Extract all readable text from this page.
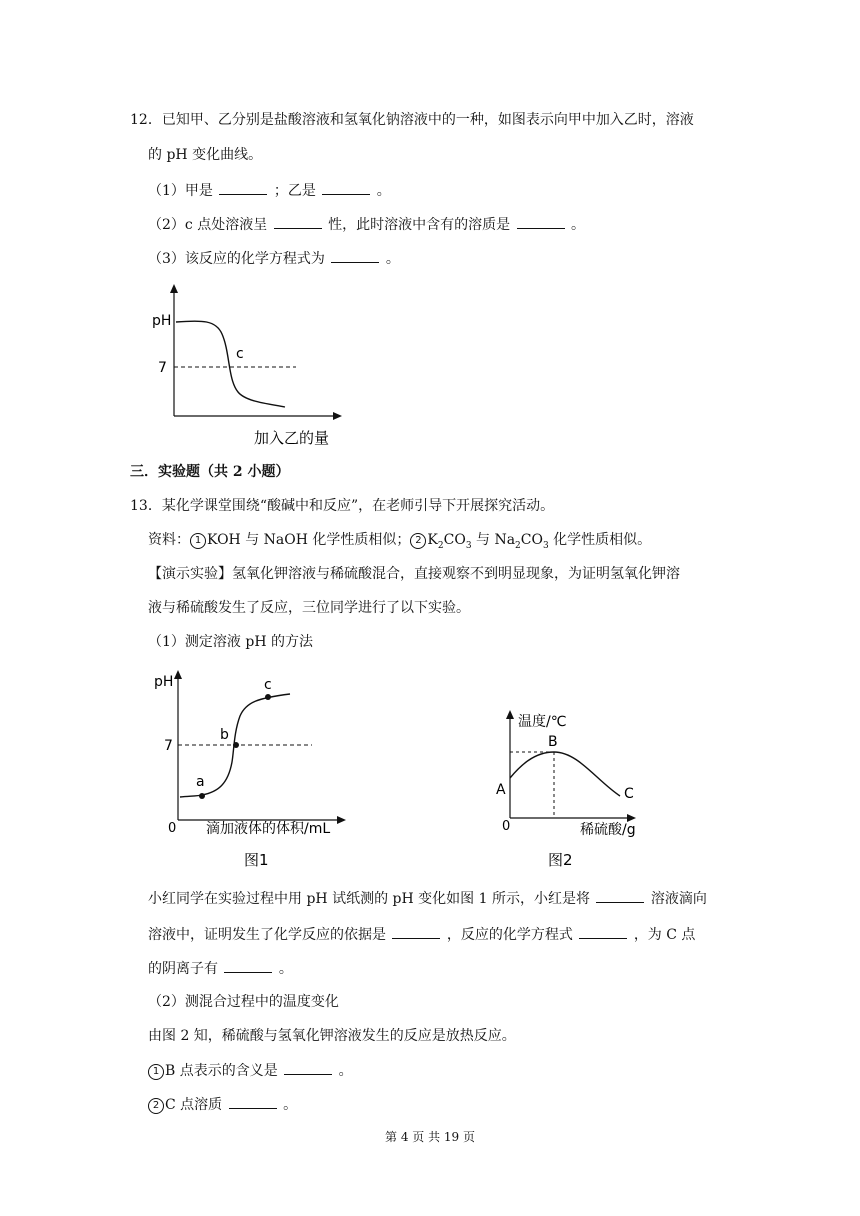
12．已知甲、乙分别是盐酸溶液和氢氧化钠溶液中的一种，如图表示向甲中加入乙时，溶液
的 pH 变化曲线。
（1）甲是	；乙是	。
（2）c 点处溶液呈	性，此时溶液中含有的溶质是	。
（3）该反应的化学方程式为	。
pH
7
c
加入乙的量
三．实验题（共 2 小题）
13．某化学课堂围绕“酸碱中和反应”，在老师引导下开展探究活动。
资料： 1 KOH 与 NaOH 化学性质相似； 2 $K_2CO_3$ 与 $Na_2CO_3$ 化学性质相似。
【演示实验】氢氧化钾溶液与稀硫酸混合，直接观察不到明显现象，为证明氢氧化钾溶
液与稀硫酸发生了反应，三位同学进行了以下实验。
（1）测定溶液 pH 的方法
pH
7
0 滴加液体的体积/mL
a
b
c
图1
温度/℃
0	稀硫酸/g
A
B
C
图2
小红同学在实验过程中用 pH 试纸测的 pH 变化如图 1 所示，小红是将	溶液滴向
溶液中，证明发生了化学反应的依据是	，反应的化学方程式	，为 C 点
的阴离子有	。
（2）测混合过程中的温度变化
由图 2 知，稀硫酸与氢氧化钾溶液发生的反应是放热反应。
1 B 点表示的含义是	。
2 C 点溶质	。
第 4 页 共 19 页
